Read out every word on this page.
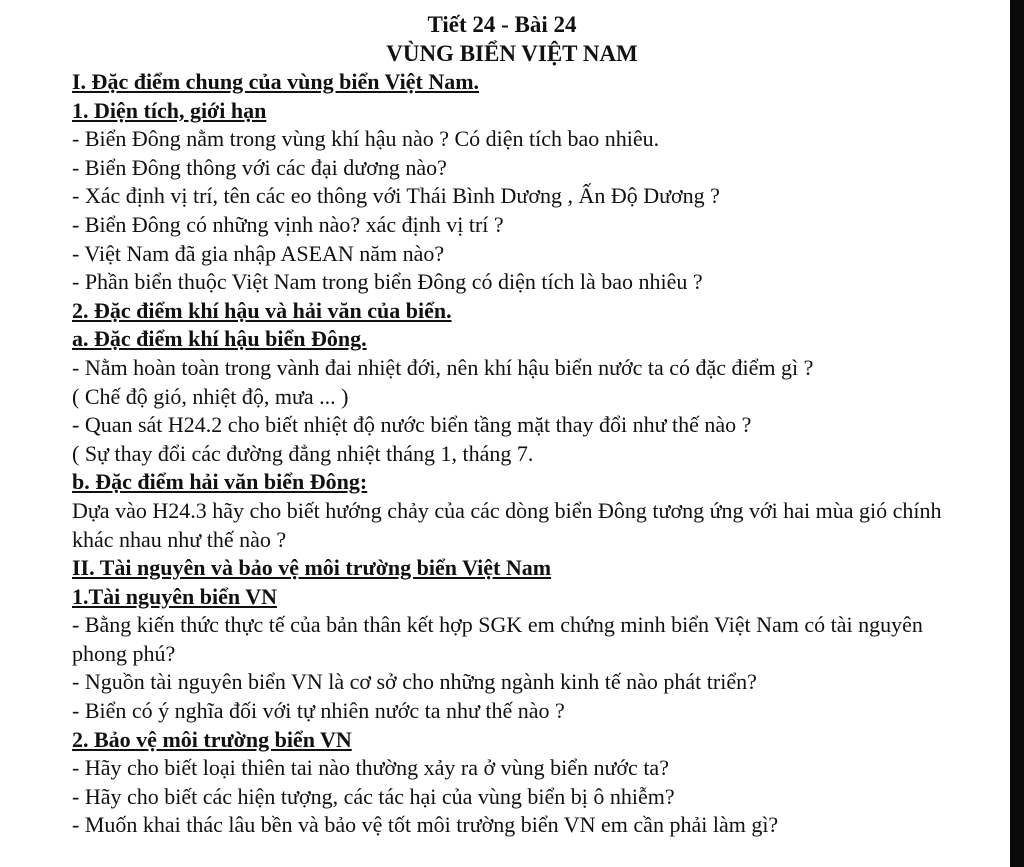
Tiết 24 - Bài 24

VÙNG BIỂN VIỆT NAM

I. Đặc điểm chung của vùng biển Việt Nam.

1. Diện tích, giới hạn

- Biển Đông nằm trong vùng khí hậu nào ? Có diện tích bao nhiêu.

- Biển Đông thông với các đại dương nào?

- Xác định vị trí, tên các eo thông với Thái Bình Dương , Ấn Độ Dương ?

- Biển Đông có những vịnh nào? xác định vị trí ?

- Việt Nam đã gia nhập ASEAN năm nào?

- Phần biển thuộc Việt Nam trong biển Đông có diện tích là bao nhiêu ?

2. Đặc điểm khí hậu và hải văn của biển.

a. Đặc điểm khí hậu biển Đông.

- Nằm hoàn toàn trong vành đai nhiệt đới, nên khí hậu biển nước ta có đặc điểm gì ?

( Chế độ gió, nhiệt độ, mưa ... )

- Quan sát H24.2 cho biết nhiệt độ nước biển tầng mặt thay đổi như thế nào ?

( Sự thay đổi các đường đẳng nhiệt tháng 1, tháng 7.

b. Đặc điểm hải văn biển Đông:

Dựa vào H24.3 hãy cho biết hướng chảy của các dòng biển Đông tương ứng với hai mùa gió chính khác nhau như thế nào ?

II. Tài nguyên và bảo vệ môi trường biển Việt Nam

1.Tài nguyên biển VN

- Bằng kiến thức thực tế của bản thân kết hợp SGK em chứng minh biển Việt Nam có tài nguyên phong phú?

- Nguồn tài nguyên biển VN là cơ sở cho những ngành kinh tế nào phát triển?

- Biển có ý nghĩa đối với tự nhiên nước ta như thế nào ?

2. Bảo vệ môi trường biển VN

- Hãy cho biết loại thiên tai nào thường xảy ra ở vùng biển nước ta?

- Hãy cho biết các hiện tượng, các tác hại của vùng biển bị ô nhiễm?

- Muốn khai thác lâu bền và bảo vệ tốt môi trường biển VN em cần phải làm gì?
